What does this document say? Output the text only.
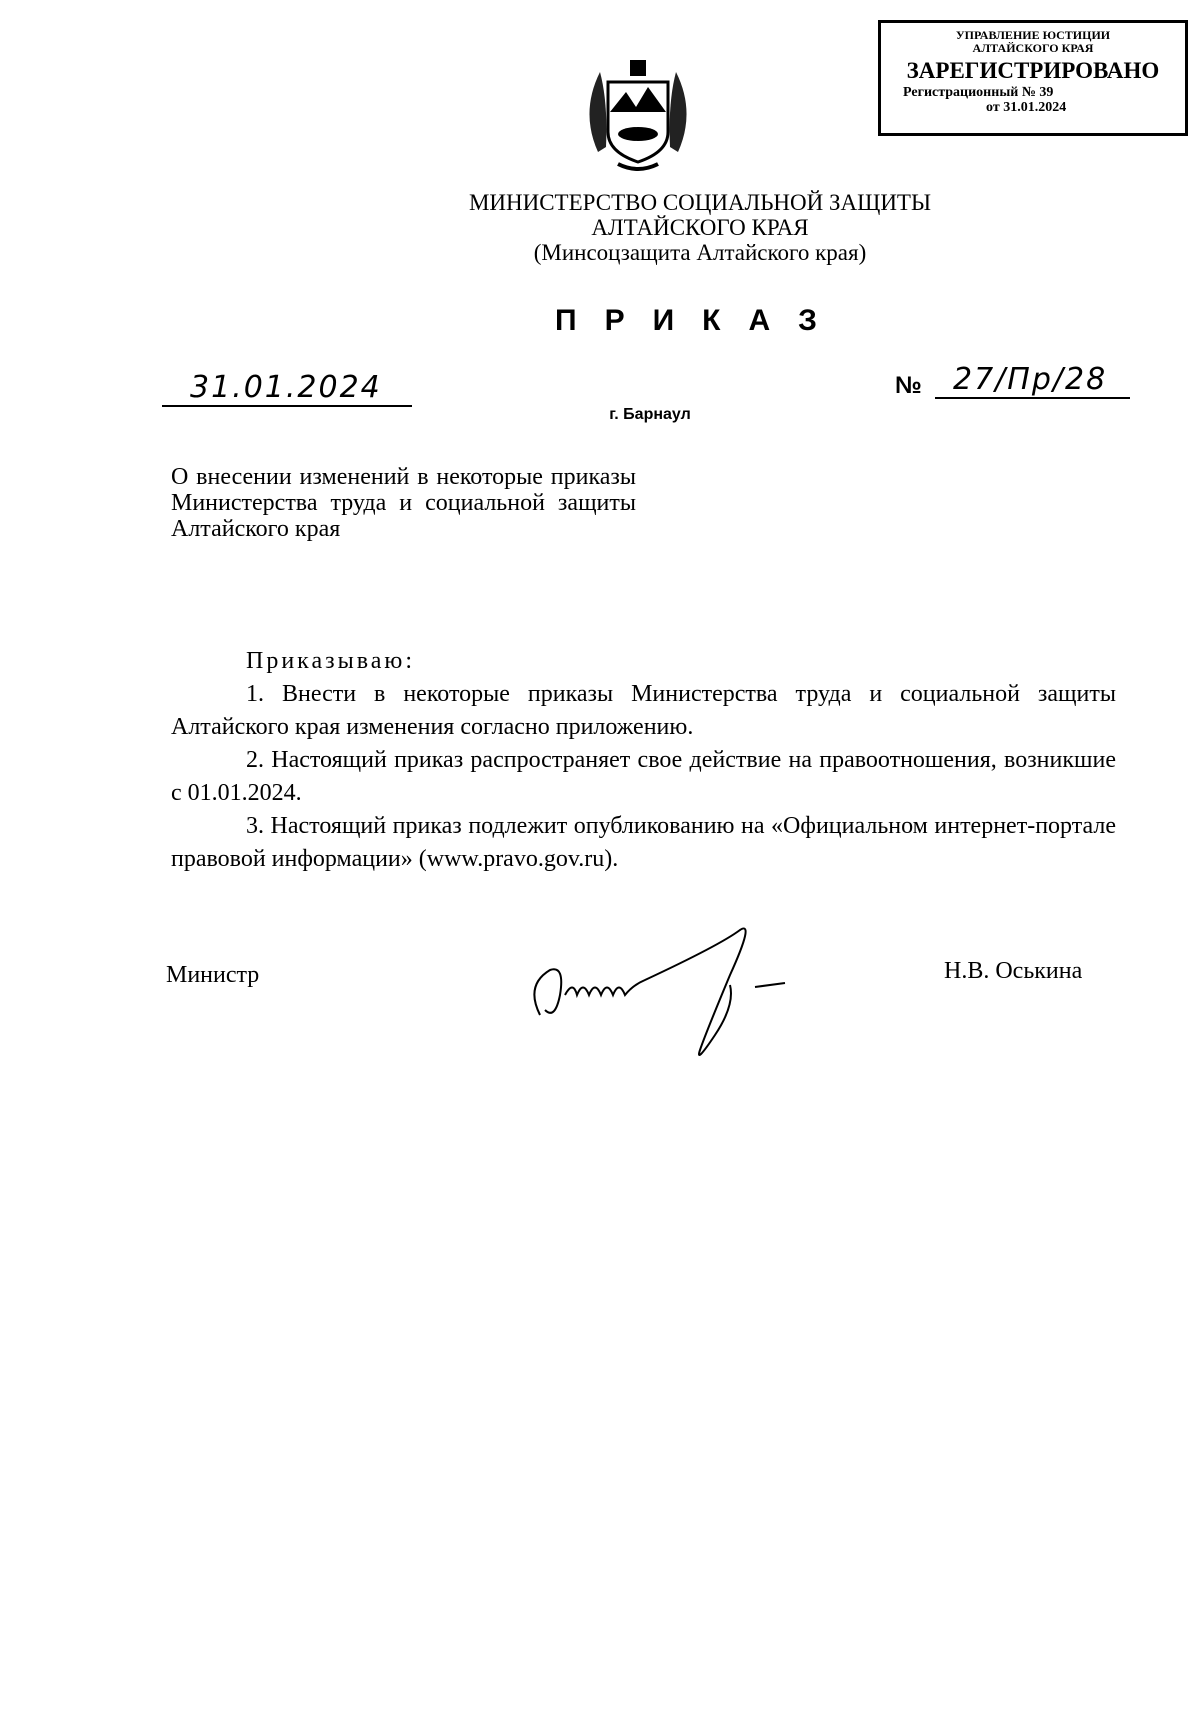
УПРАВЛЕНИЕ ЮСТИЦИИ
АЛТАЙСКОГО КРАЯ
ЗАРЕГИСТРИРОВАНО
Регистрационный № 39
от 31.01.2024
МИНИСТЕРСТВО СОЦИАЛЬНОЙ ЗАЩИТЫ
АЛТАЙСКОГО КРАЯ
(Минсоцзащита Алтайского края)
ПРИКАЗ
31.01.2024	№	27/Пр/28
г. Барнаул
О внесении изменений в некоторые приказы Министерства труда и социальной защиты Алтайского края

Приказываю:

1. Внести в некоторые приказы Министерства труда и социальной защиты Алтайского края изменения согласно приложению.

2. Настоящий приказ распространяет свое действие на правоотношения, возникшие с 01.01.2024.

3. Настоящий приказ подлежит опубликованию на «Официальном интернет-портале правовой информации» (www.pravo.gov.ru).

Министр	Н.В. Оськина
